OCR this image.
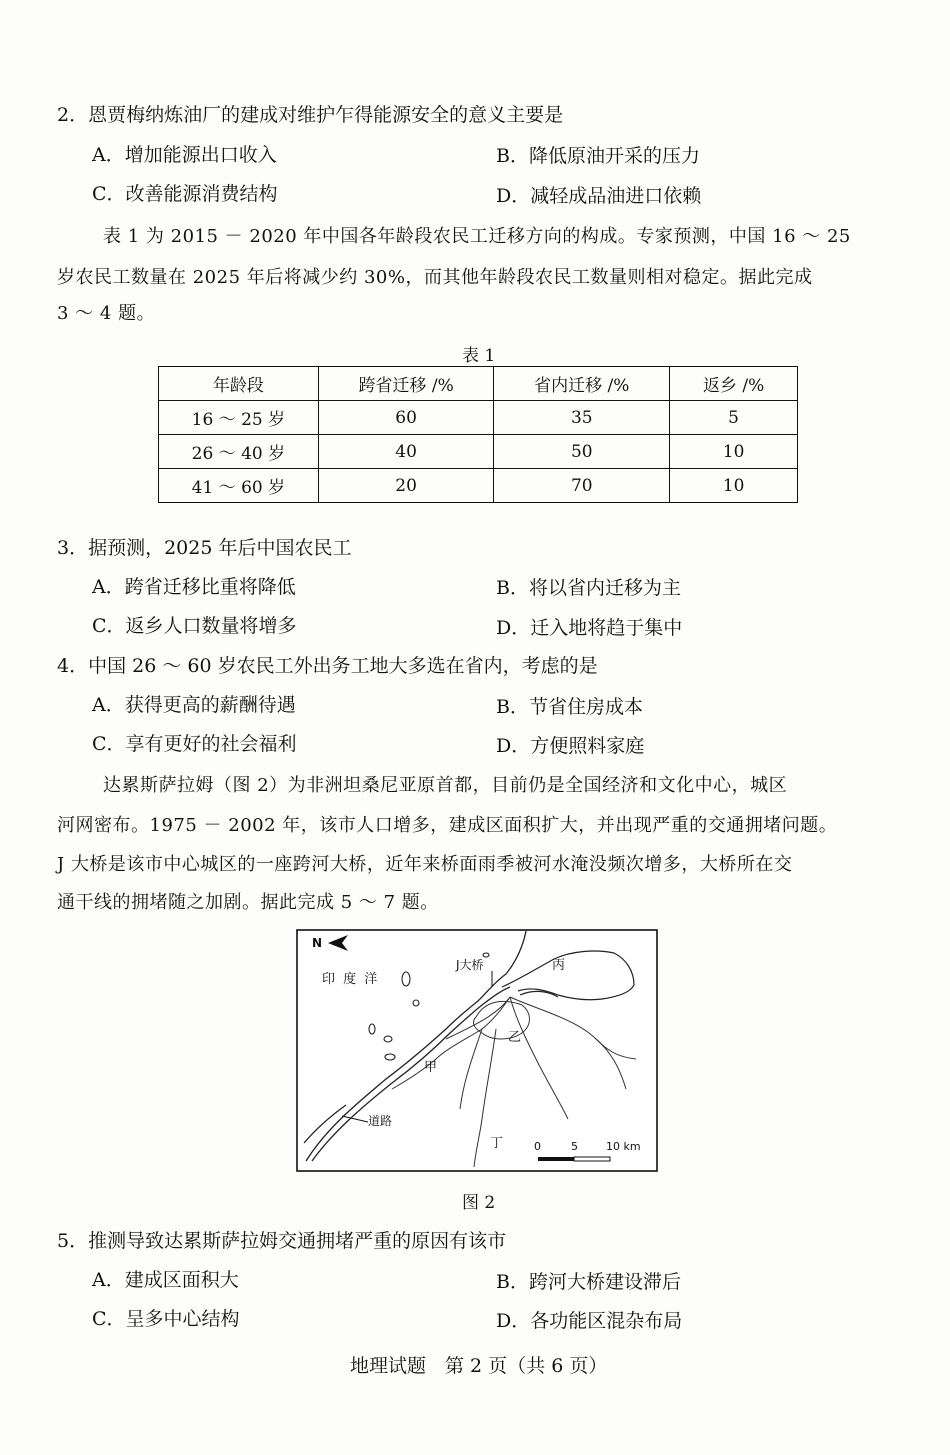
2．恩贾梅纳炼油厂的建成对维护乍得能源安全的意义主要是
A．增加能源出口收入	B．降低原油开采的压力
C．改善能源消费结构	D．减轻成品油进口依赖
表 1 为 2015 － 2020 年中国各年龄段农民工迁移方向的构成。专家预测，中国 16 ～ 25
岁农民工数量在 2025 年后将减少约 30%，而其他年龄段农民工数量则相对稳定。据此完成
3 ～ 4 题。
表 1
年龄段	跨省迁移 /%	省内迁移 /%	返乡 /%
16 ～ 25 岁	60	35	5
26 ～ 40 岁	40	50	10
41 ～ 60 岁	20	70	10
3．据预测，2025 年后中国农民工
A．跨省迁移比重将降低	B．将以省内迁移为主
C．返乡人口数量将增多	D．迁入地将趋于集中
4．中国 26 ～ 60 岁农民工外出务工地大多选在省内，考虑的是
A．获得更高的薪酬待遇	B．节省住房成本
C．享有更好的社会福利	D．方便照料家庭
达累斯萨拉姆（图 2）为非洲坦桑尼亚原首都，目前仍是全国经济和文化中心，城区
河网密布。1975 － 2002 年，该市人口增多，建成区面积扩大，并出现严重的交通拥堵问题。
J 大桥是该市中心城区的一座跨河大桥，近年来桥面雨季被河水淹没频次增多，大桥所在交
通干线的拥堵随之加剧。据此完成 5 ～ 7 题。
N
印 度 洋
J大桥	丙
乙
甲
丁
道路
0	5	10 km
图 2
5．推测导致达累斯萨拉姆交通拥堵严重的原因有该市
A．建成区面积大	B．跨河大桥建设滞后
C．呈多中心结构	D．各功能区混杂布局
地理试题　第 2 页（共 6 页）
